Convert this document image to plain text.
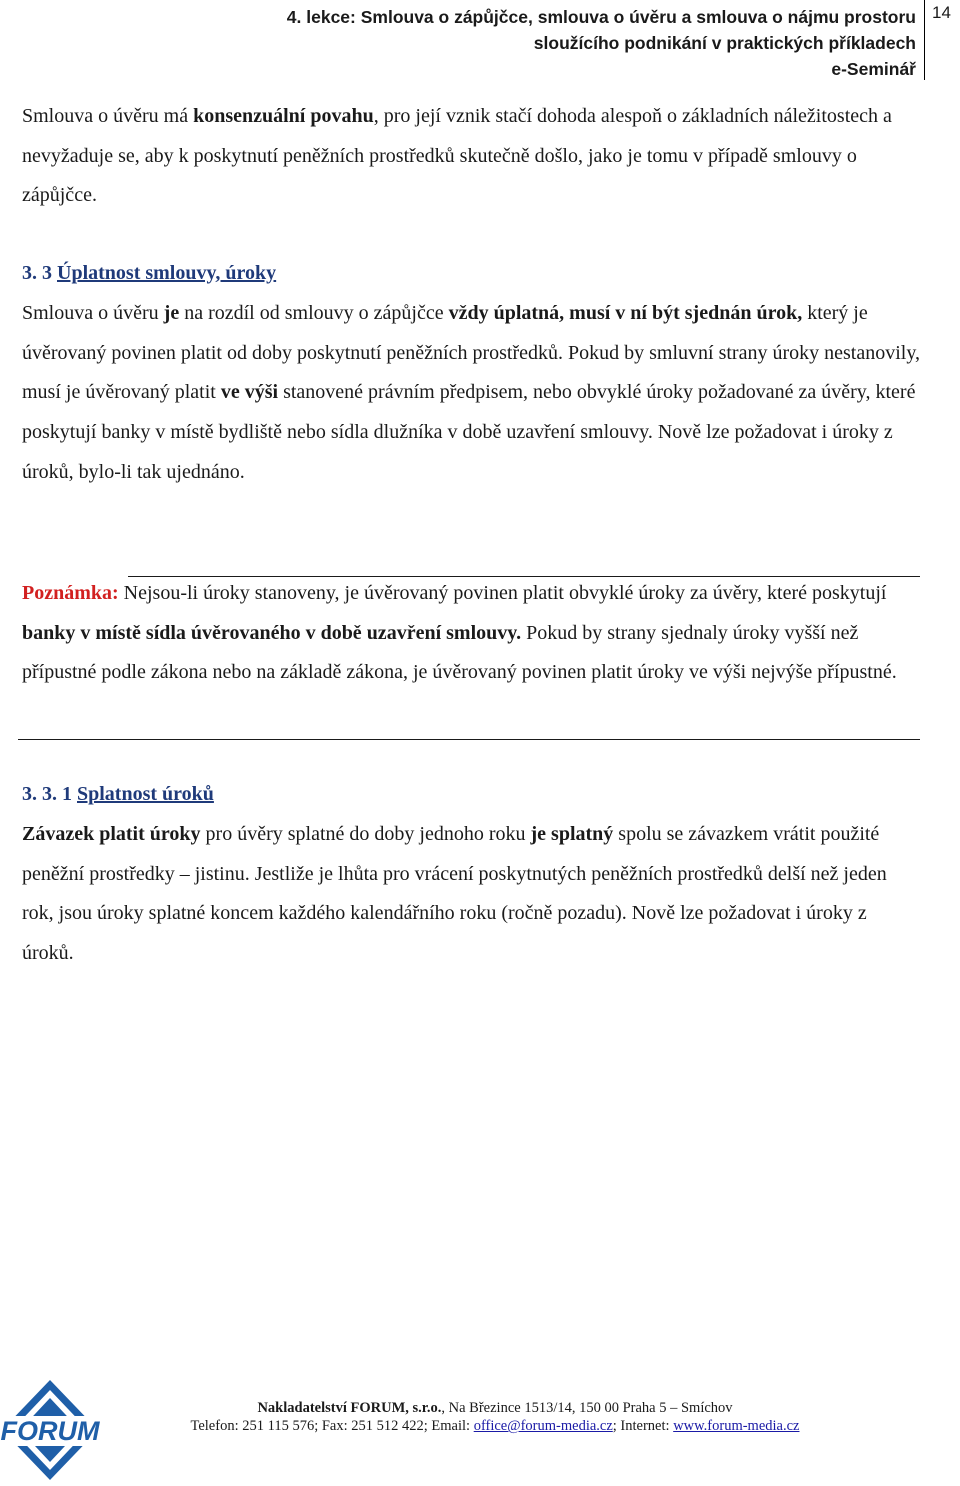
4. lekce: Smlouva o zápůjčce, smlouva o úvěru a smlouva o nájmu prostoru
sloužícího podnikání v praktických příkladech
e-Seminář
14

Smlouva o úvěru má konsenzuální povahu, pro její vznik stačí dohoda alespoň o základních náležitostech a nevyžaduje se, aby k poskytnutí peněžních prostředků skutečně došlo, jako je tomu v případě smlouvy o zápůjčce.

3. 3 Úplatnost smlouvy, úroky

Smlouva o úvěru je na rozdíl od smlouvy o zápůjčce vždy úplatná, musí v ní být sjednán úrok, který je úvěrovaný povinen platit od doby poskytnutí peněžních prostředků. Pokud by smluvní strany úroky nestanovily, musí je úvěrovaný platit ve výši stanovené právním předpisem, nebo obvyklé úroky požadované za úvěry, které poskytují banky v místě bydliště nebo sídla dlužníka v době uzavření smlouvy. Nově lze požadovat i úroky z úroků, bylo-li tak ujednáno.

Poznámka: Nejsou-li úroky stanoveny, je úvěrovaný povinen platit obvyklé úroky za úvěry, které poskytují banky v místě sídla úvěrovaného v době uzavření smlouvy. Pokud by strany sjednaly úroky vyšší než přípustné podle zákona nebo na základě zákona, je úvěrovaný povinen platit úroky ve výši nejvýše přípustné.

3. 3. 1 Splatnost úroků

Závazek platit úroky pro úvěry splatné do doby jednoho roku je splatný spolu se závazkem vrátit použité peněžní prostředky – jistinu. Jestliže je lhůta pro vrácení poskytnutých peněžních prostředků delší než jeden rok, jsou úroky splatné koncem každého kalendářního roku (ročně pozadu). Nově lze požadovat i úroky z úroků.

FORUM
Nakladatelství FORUM, s.r.o., Na Březince 1513/14, 150 00 Praha 5 – Smíchov
Telefon: 251 115 576; Fax: 251 512 422; Email: office@forum-media.cz; Internet: www.forum-media.cz
